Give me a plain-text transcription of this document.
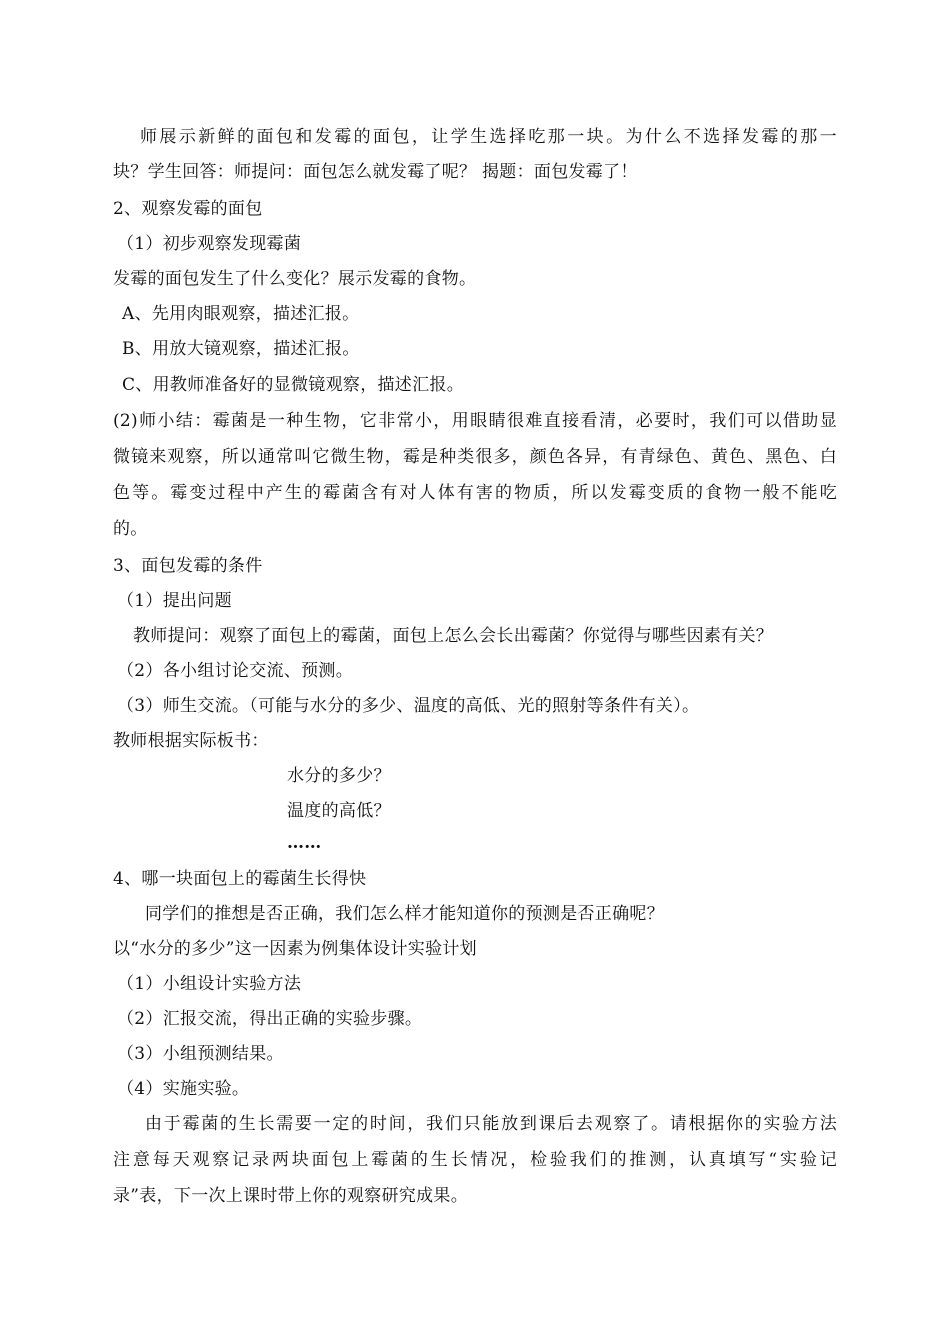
师展示新鲜的面包和发霉的面包，让学生选择吃那一块。为什么不选择发霉的那一
块？学生回答：师提问：面包怎么就发霉了呢？ 揭题：面包发霉了！
2、观察发霉的面包
（1）初步观察发现霉菌
发霉的面包发生了什么变化？展示发霉的食物。
A、先用肉眼观察，描述汇报。
B、用放大镜观察，描述汇报。
C、用教师准备好的显微镜观察，描述汇报。
(2)师小结：霉菌是一种生物，它非常小，用眼睛很难直接看清，必要时，我们可以借助显
微镜来观察，所以通常叫它微生物，霉是种类很多，颜色各异，有青绿色、黄色、黑色、白
色等。霉变过程中产生的霉菌含有对人体有害的物质，所以发霉变质的食物一般不能吃
的。
3、面包发霉的条件
（1）提出问题
教师提问：观察了面包上的霉菌，面包上怎么会长出霉菌？你觉得与哪些因素有关？
（2）各小组讨论交流、预测。
（3）师生交流。（可能与水分的多少、温度的高低、光的照射等条件有关）。
教师根据实际板书：
水分的多少？
温度的高低？
……
4、哪一块面包上的霉菌生长得快
同学们的推想是否正确，我们怎么样才能知道你的预测是否正确呢？
以“水分的多少”这一因素为例集体设计实验计划
（1）小组设计实验方法
（2）汇报交流，得出正确的实验步骤。
（3）小组预测结果。
（4）实施实验。
由于霉菌的生长需要一定的时间，我们只能放到课后去观察了。请根据你的实验方法
注意每天观察记录两块面包上霉菌的生长情况，检验我们的推测，认真填写“实验记
录”表，下一次上课时带上你的观察研究成果。
